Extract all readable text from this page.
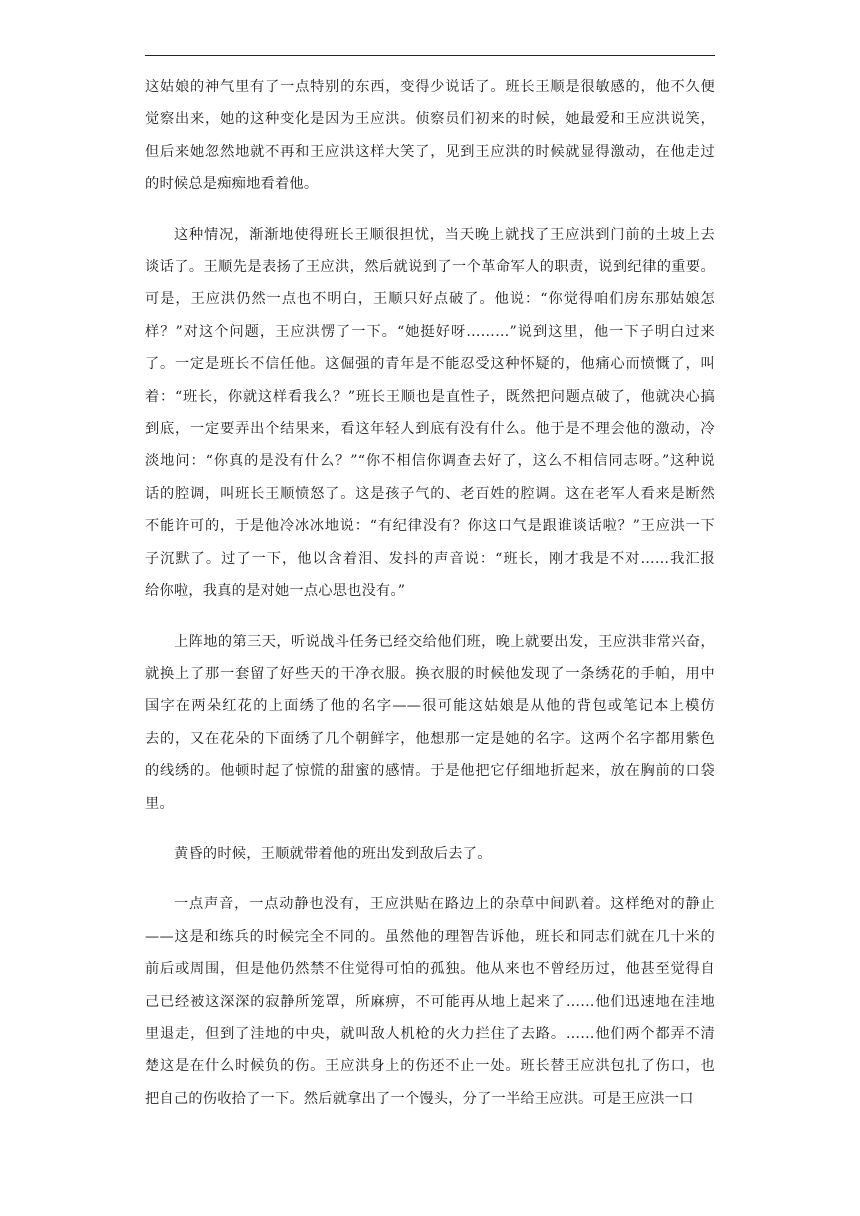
这姑娘的神气里有了一点特别的东西，变得少说话了。班长王顺是很敏感的，他不久便
觉察出来，她的这种变化是因为王应洪。侦察员们初来的时候，她最爱和王应洪说笑，
但后来她忽然地就不再和王应洪这样大笑了，见到王应洪的时候就显得激动，在他走过
的时候总是痴痴地看着他。
这种情况，渐渐地使得班长王顺很担忧，当天晚上就找了王应洪到门前的土坡上去
谈话了。王顺先是表扬了王应洪，然后就说到了一个革命军人的职责，说到纪律的重要。
可是，王应洪仍然一点也不明白，王顺只好点破了。他说：“你觉得咱们房东那姑娘怎
样？”对这个问题，王应洪愣了一下。“她挺好呀………”说到这里，他一下子明白过来
了。一定是班长不信任他。这倔强的青年是不能忍受这种怀疑的，他痛心而愤慨了，叫
着：“班长，你就这样看我么？”班长王顺也是直性子，既然把问题点破了，他就决心搞
到底，一定要弄出个结果来，看这年轻人到底有没有什么。他于是不理会他的激动，冷
淡地问：“你真的是没有什么？”“你不相信你调查去好了，这么不相信同志呀。”这种说
话的腔调，叫班长王顺愤怒了。这是孩子气的、老百姓的腔调。这在老军人看来是断然
不能许可的，于是他冷冰冰地说：“有纪律没有？你这口气是跟谁谈话啦？”王应洪一下
子沉默了。过了一下，他以含着泪、发抖的声音说：“班长，刚才我是不对……我汇报
给你啦，我真的是对她一点心思也没有。”
上阵地的第三天，听说战斗任务已经交给他们班，晚上就要出发，王应洪非常兴奋，
就换上了那一套留了好些天的干净衣服。换衣服的时候他发现了一条绣花的手帕，用中
国字在两朵红花的上面绣了他的名字——很可能这姑娘是从他的背包或笔记本上模仿
去的，又在花朵的下面绣了几个朝鲜字，他想那一定是她的名字。这两个名字都用紫色
的线绣的。他顿时起了惊慌的甜蜜的感情。于是他把它仔细地折起来，放在胸前的口袋
里。
黄昏的时候，王顺就带着他的班出发到敌后去了。
一点声音，一点动静也没有，王应洪贴在路边上的杂草中间趴着。这样绝对的静止
——这是和练兵的时候完全不同的。虽然他的理智告诉他，班长和同志们就在几十米的
前后或周围，但是他仍然禁不住觉得可怕的孤独。他从来也不曾经历过，他甚至觉得自
己已经被这深深的寂静所笼罩，所麻痹，不可能再从地上起来了……他们迅速地在洼地
里退走，但到了洼地的中央，就叫敌人机枪的火力拦住了去路。……他们两个都弄不清
楚这是在什么时候负的伤。王应洪身上的伤还不止一处。班长替王应洪包扎了伤口，也
把自己的伤收拾了一下。然后就拿出了一个馒头，分了一半给王应洪。可是王应洪一口
